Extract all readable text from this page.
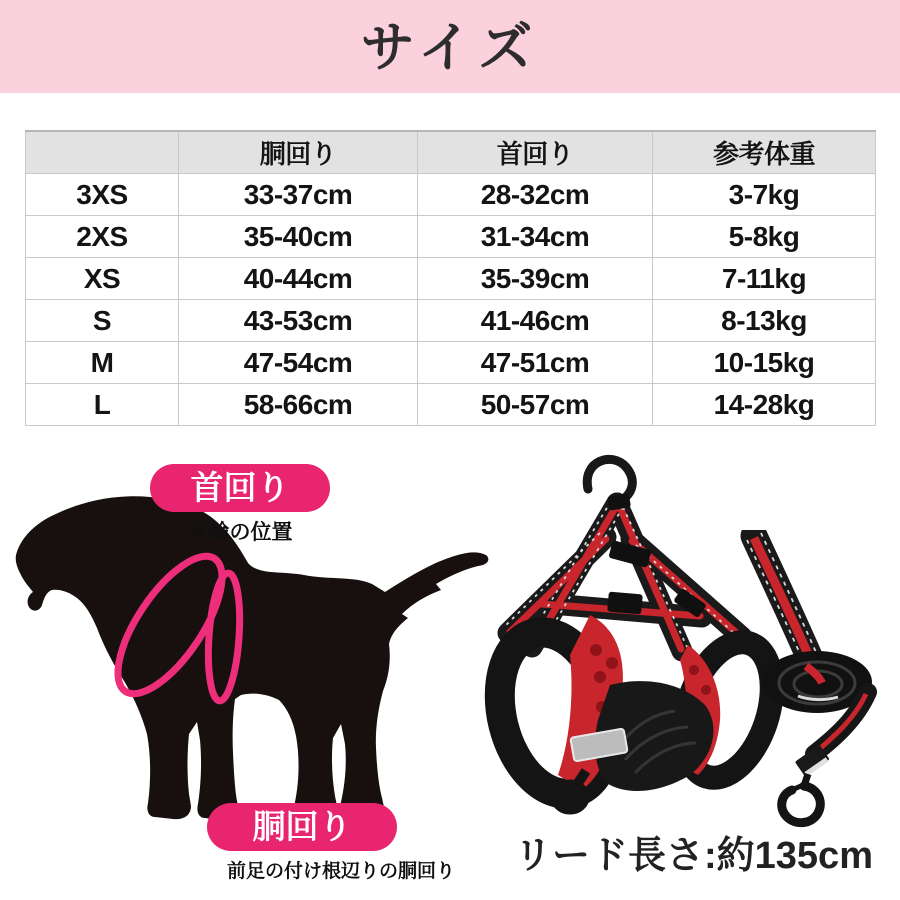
サイズ
	胴回り	首回り	参考体重
3XS	33-37cm	28-32cm	3-7kg
2XS	35-40cm	31-34cm	5-8kg
XS	40-44cm	35-39cm	7-11kg
S	43-53cm	41-46cm	8-13kg
M	47-54cm	47-51cm	10-15kg
L	58-66cm	50-57cm	14-28kg
首回り
首輪の位置
胴回り
前足の付け根辺りの胴回り リード長さ:約135cm
